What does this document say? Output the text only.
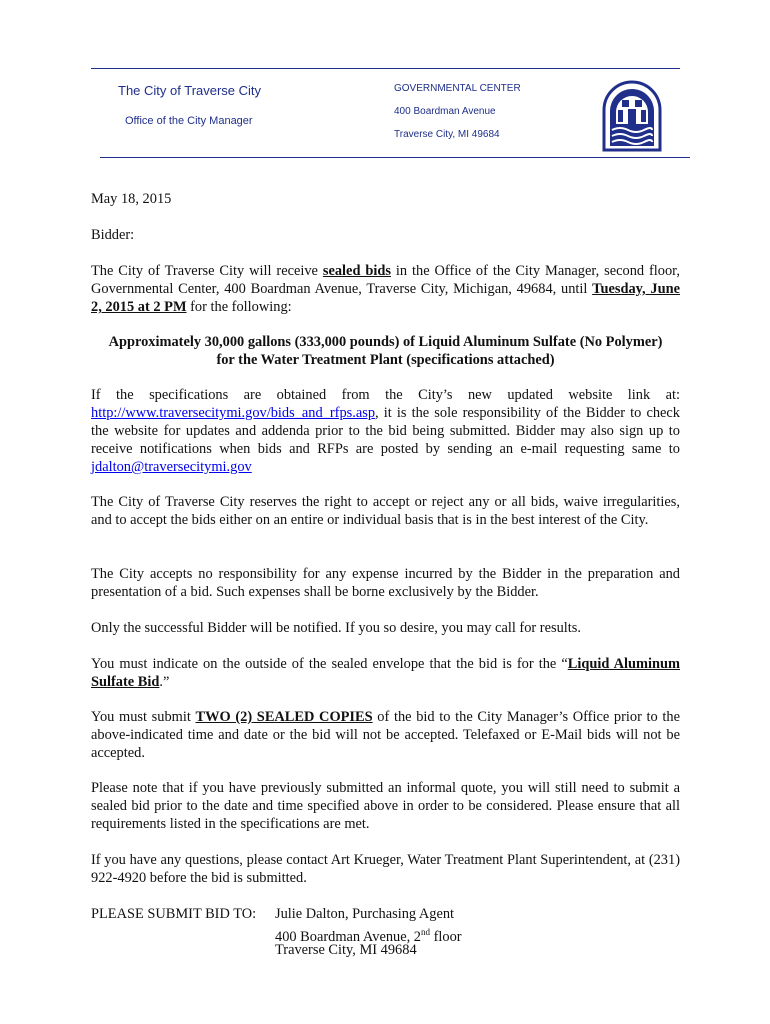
The City of Traverse City
Office of the City Manager
GOVERNMENTAL CENTER
400 Boardman Avenue
Traverse City, MI 49684
May 18, 2015
Bidder:
The City of Traverse City will receive sealed bids in the Office of the City Manager, second floor, Governmental Center, 400 Boardman Avenue, Traverse City, Michigan, 49684, until Tuesday, June 2, 2015 at 2 PM for the following:
Approximately 30,000 gallons (333,000 pounds) of Liquid Aluminum Sulfate (No Polymer)
for the Water Treatment Plant (specifications attached)
If the specifications are obtained from the City’s new updated website link at: http://www.traversecitymi.gov/bids_and_rfps.asp, it is the sole responsibility of the Bidder to check the website for updates and addenda prior to the bid being submitted. Bidder may also sign up to receive notifications when bids and RFPs are posted by sending an e-mail requesting same to jdalton@traversecitymi.gov
The City of Traverse City reserves the right to accept or reject any or all bids, waive irregularities, and to accept the bids either on an entire or individual basis that is in the best interest of the City.
The City accepts no responsibility for any expense incurred by the Bidder in the preparation and presentation of a bid. Such expenses shall be borne exclusively by the Bidder.
Only the successful Bidder will be notified. If you so desire, you may call for results.
You must indicate on the outside of the sealed envelope that the bid is for the “Liquid Aluminum Sulfate Bid.”
You must submit TWO (2) SEALED COPIES of the bid to the City Manager’s Office prior to the above-indicated time and date or the bid will not be accepted. Telefaxed or E-Mail bids will not be accepted.
Please note that if you have previously submitted an informal quote, you will still need to submit a sealed bid prior to the date and time specified above in order to be considered. Please ensure that all requirements listed in the specifications are met.
If you have any questions, please contact Art Krueger, Water Treatment Plant Superintendent, at (231) 922-4920 before the bid is submitted.
PLEASE SUBMIT BID TO: Julie Dalton, Purchasing Agent
400 Boardman Avenue, 2nd floor
Traverse City, MI 49684
